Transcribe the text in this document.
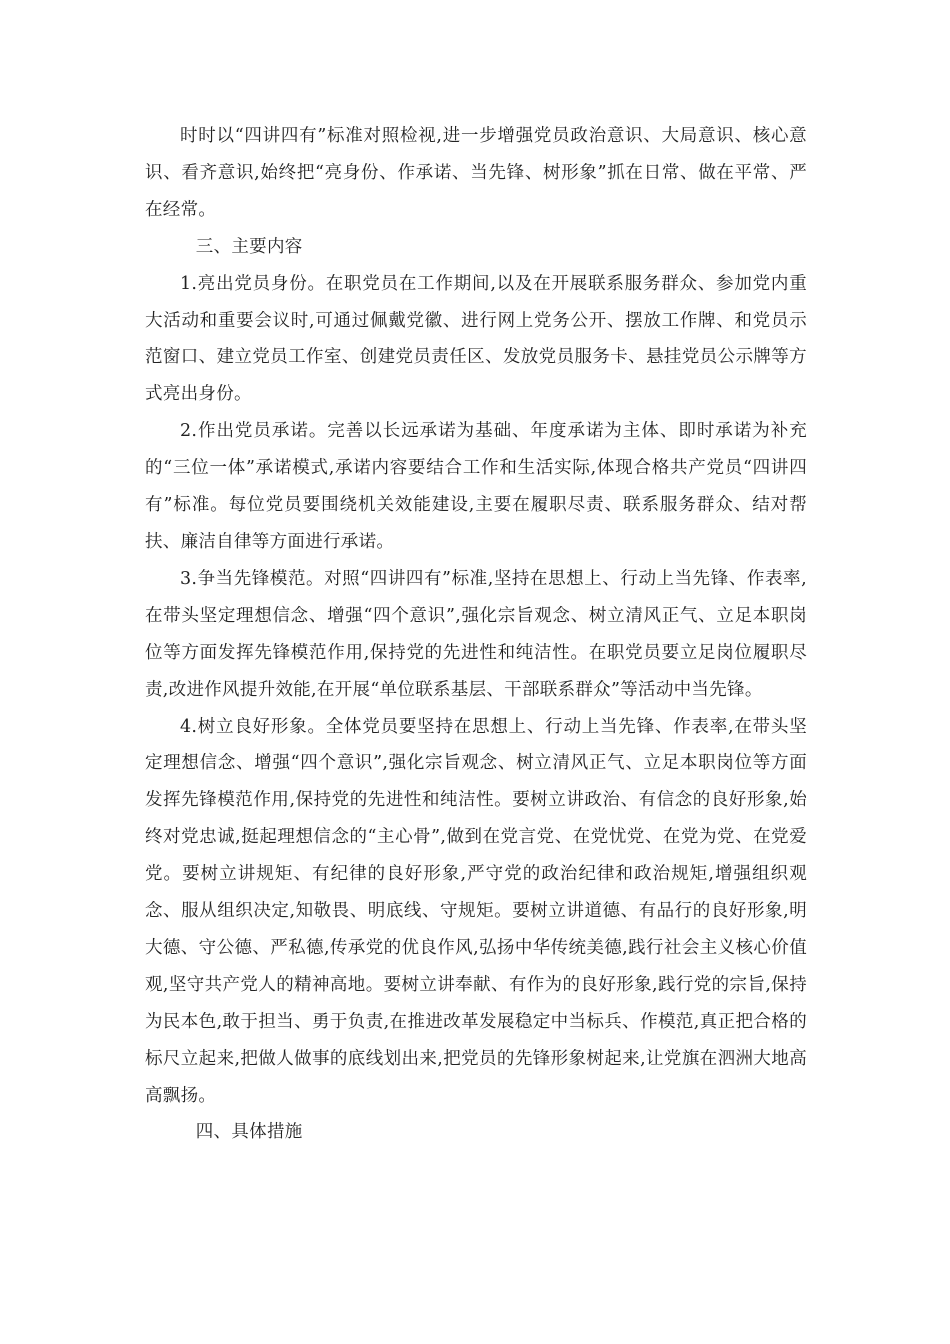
时时以“四讲四有”标准对照检视,进一步增强党员政治意识、大局意识、核心意识、看齐意识,始终把“亮身份、作承诺、当先锋、树形象”抓在日常、做在平常、严在经常。

三、主要内容

1.亮出党员身份。在职党员在工作期间,以及在开展联系服务群众、参加党内重大活动和重要会议时,可通过佩戴党徽、进行网上党务公开、摆放工作牌、和党员示范窗口、建立党员工作室、创建党员责任区、发放党员服务卡、悬挂党员公示牌等方式亮出身份。

2.作出党员承诺。完善以长远承诺为基础、年度承诺为主体、即时承诺为补充的“三位一体”承诺模式,承诺内容要结合工作和生活实际,体现合格共产党员“四讲四有”标准。每位党员要围绕机关效能建设,主要在履职尽责、联系服务群众、结对帮扶、廉洁自律等方面进行承诺。

3.争当先锋模范。对照“四讲四有”标准,坚持在思想上、行动上当先锋、作表率,在带头坚定理想信念、增强“四个意识”,强化宗旨观念、树立清风正气、立足本职岗位等方面发挥先锋模范作用,保持党的先进性和纯洁性。在职党员要立足岗位履职尽责,改进作风提升效能,在开展“单位联系基层、干部联系群众”等活动中当先锋。

4.树立良好形象。全体党员要坚持在思想上、行动上当先锋、作表率,在带头坚定理想信念、增强“四个意识”,强化宗旨观念、树立清风正气、立足本职岗位等方面发挥先锋模范作用,保持党的先进性和纯洁性。要树立讲政治、有信念的良好形象,始终对党忠诚,挺起理想信念的“主心骨”,做到在党言党、在党忧党、在党为党、在党爱党。要树立讲规矩、有纪律的良好形象,严守党的政治纪律和政治规矩,增强组织观念、服从组织决定,知敬畏、明底线、守规矩。要树立讲道德、有品行的良好形象,明大德、守公德、严私德,传承党的优良作风,弘扬中华传统美德,践行社会主义核心价值观,坚守共产党人的精神高地。要树立讲奉献、有作为的良好形象,践行党的宗旨,保持为民本色,敢于担当、勇于负责,在推进改革发展稳定中当标兵、作模范,真正把合格的标尺立起来,把做人做事的底线划出来,把党员的先锋形象树起来,让党旗在泗洲大地高高飘扬。

四、具体措施
